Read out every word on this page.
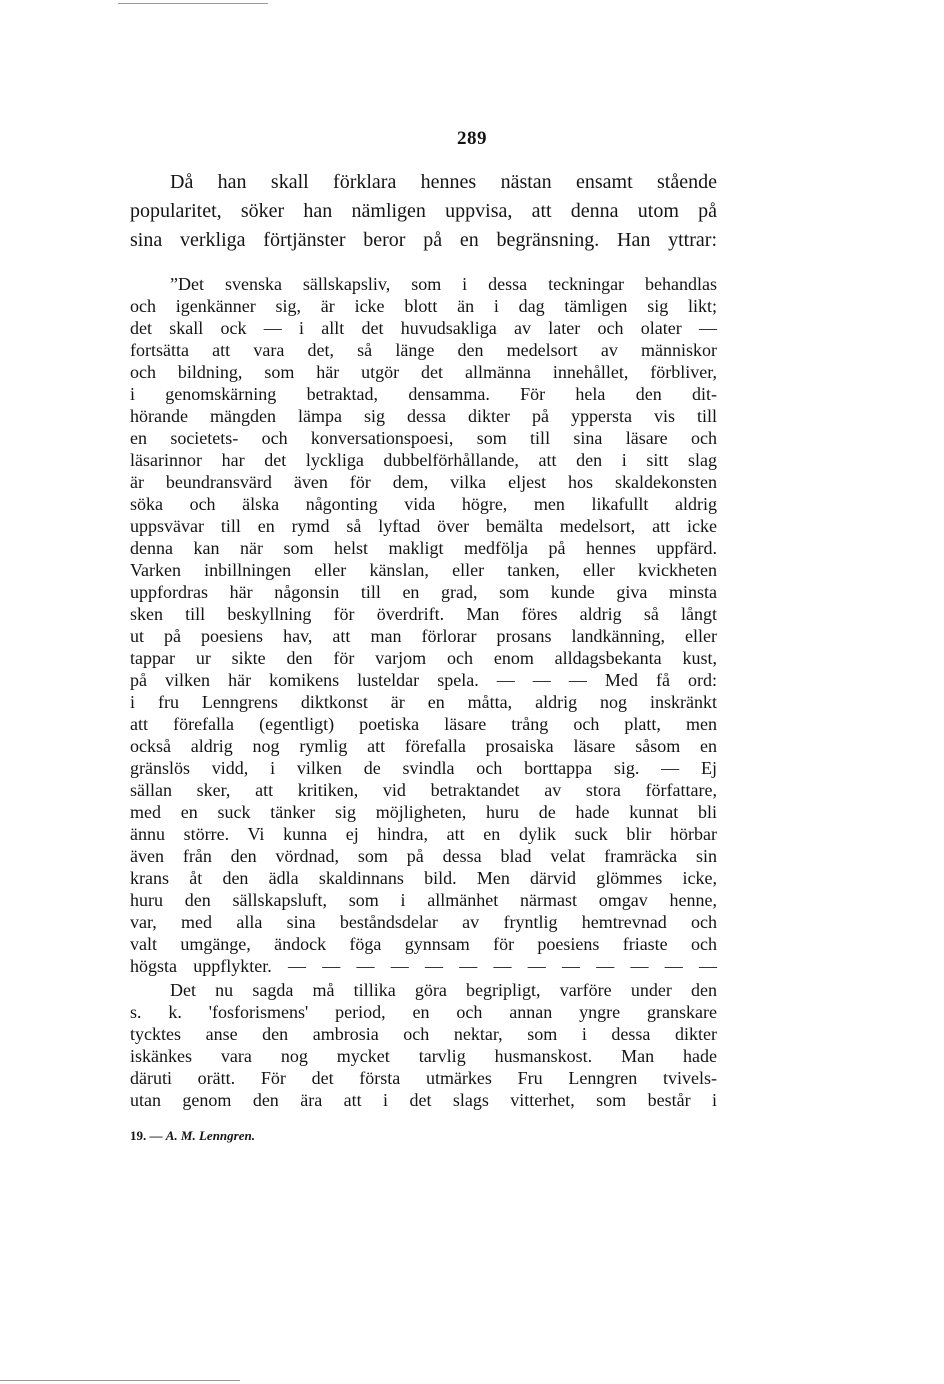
289
Då han skall förklara hennes nästan ensamt stående
popularitet, söker han nämligen uppvisa, att denna utom på
sina verkliga förtjänster beror på en begränsning. Han yttrar:
”Det svenska sällskapsliv, som i dessa teckningar behandlas
och igenkänner sig, är icke blott än i dag tämligen sig likt;
det skall ock — i allt det huvudsakliga av later och olater —
fortsätta att vara det, så länge den medelsort av människor
och bildning, som här utgör det allmänna innehållet, förbliver,
i genomskärning betraktad, densamma. För hela den dit-
hörande mängden lämpa sig dessa dikter på yppersta vis till
en societets- och konversationspoesi, som till sina läsare och
läsarinnor har det lyckliga dubbelförhållande, att den i sitt slag
är beundransvärd även för dem, vilka eljest hos skaldekonsten
söka och älska någonting vida högre, men likafullt aldrig
uppsvävar till en rymd så lyftad över bemälta medelsort, att icke
denna kan när som helst makligt medfölja på hennes uppfärd.
Varken inbillningen eller känslan, eller tanken, eller kvickheten
uppfordras här någonsin till en grad, som kunde giva minsta
sken till beskyllning för överdrift. Man föres aldrig så långt
ut på poesiens hav, att man förlorar prosans landkänning, eller
tappar ur sikte den för varjom och enom alldagsbekanta kust,
på vilken här komikens lusteldar spela. — — — Med få ord:
i fru Lenngrens diktkonst är en måtta, aldrig nog inskränkt
att förefalla (egentligt) poetiska läsare trång och platt, men
också aldrig nog rymlig att förefalla prosaiska läsare såsom en
gränslös vidd, i vilken de svindla och borttappa sig. — Ej
sällan sker, att kritiken, vid betraktandet av stora författare,
med en suck tänker sig möjligheten, huru de hade kunnat bli
ännu större. Vi kunna ej hindra, att en dylik suck blir hörbar
även från den vördnad, som på dessa blad velat framräcka sin
krans åt den ädla skaldinnans bild. Men därvid glömmes icke,
huru den sällskapsluft, som i allmänhet närmast omgav henne,
var, med alla sina beståndsdelar av fryntlig hemtrevnad och
valt umgänge, ändock föga gynnsam för poesiens friaste och
högsta uppflykter. — — — — — — — — — — — — —
Det nu sagda må tillika göra begripligt, varföre under den
s. k. 'fosforismens' period, en och annan yngre granskare
tycktes anse den ambrosia och nektar, som i dessa dikter
iskänkes vara nog mycket tarvlig husmanskost. Man hade
däruti orätt. För det första utmärkes Fru Lenngren tvivels-
utan genom den ära att i det slags vitterhet, som består i
19. — A. M. Lenngren.
